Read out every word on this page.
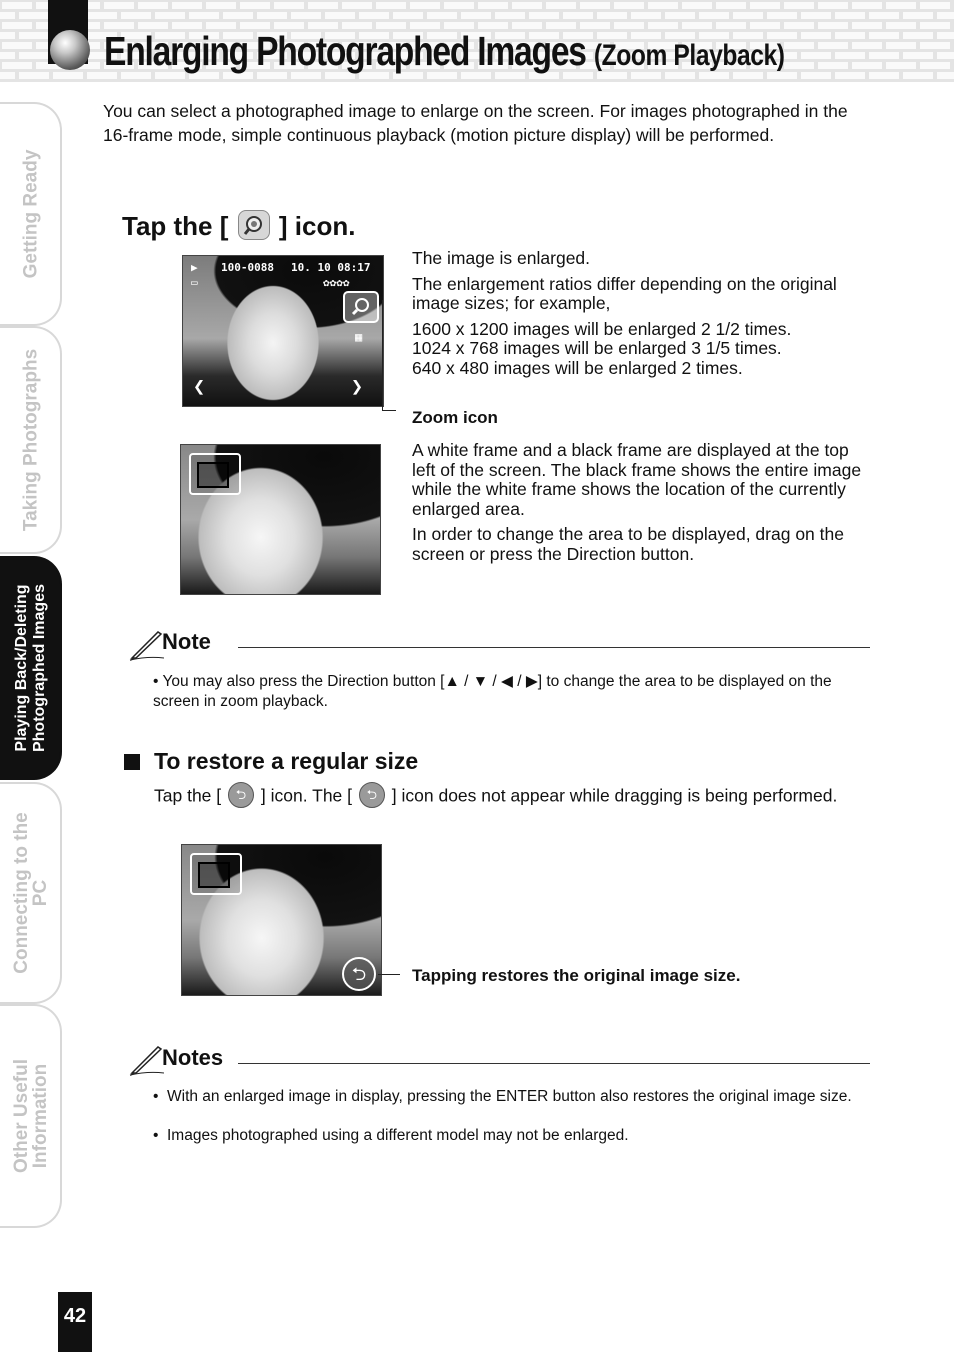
Enlarging Photographed Images (Zoom Playback)
Getting Ready
Taking Photographs
Playing Back/Deleting Photographed Images
Connecting to the
PC
Other Useful
Information
You can select a photographed image to enlarge on the screen. For images photographed in the 16-frame mode, simple continuous playback (motion picture display) will be performed.
Tap the [ ] icon.
▶
▭
100-0088 10. 10 08:17
✿✿✿✿
▦
❮	❯
The image is enlarged.
The enlargement ratios differ depending on the original image sizes; for example,
1600 x 1200 images will be enlarged 2 1/2 times.
1024 x 768 images will be enlarged 3 1/5 times.
640 x 480 images will be enlarged 2 times.
Zoom icon
A white frame and a black frame are displayed at the top left of the screen. The black frame shows the entire image while the white frame shows the location of the currently enlarged area.
In order to change the area to be displayed, drag on the screen or press the Direction button.
Note
• You may also press the Direction button [▲ / ▼ / ◀ / ▶] to change the area to be displayed on the screen in zoom playback.
To restore a regular size
Tap the [ ⮌ ] icon. The [ ⮌ ] icon does not appear while dragging is being performed.
⮌	Tapping restores the original image size.
Notes
• With an enlarged image in display, pressing the ENTER button also restores the original image size.
• Images photographed using a different model may not be enlarged.
42
